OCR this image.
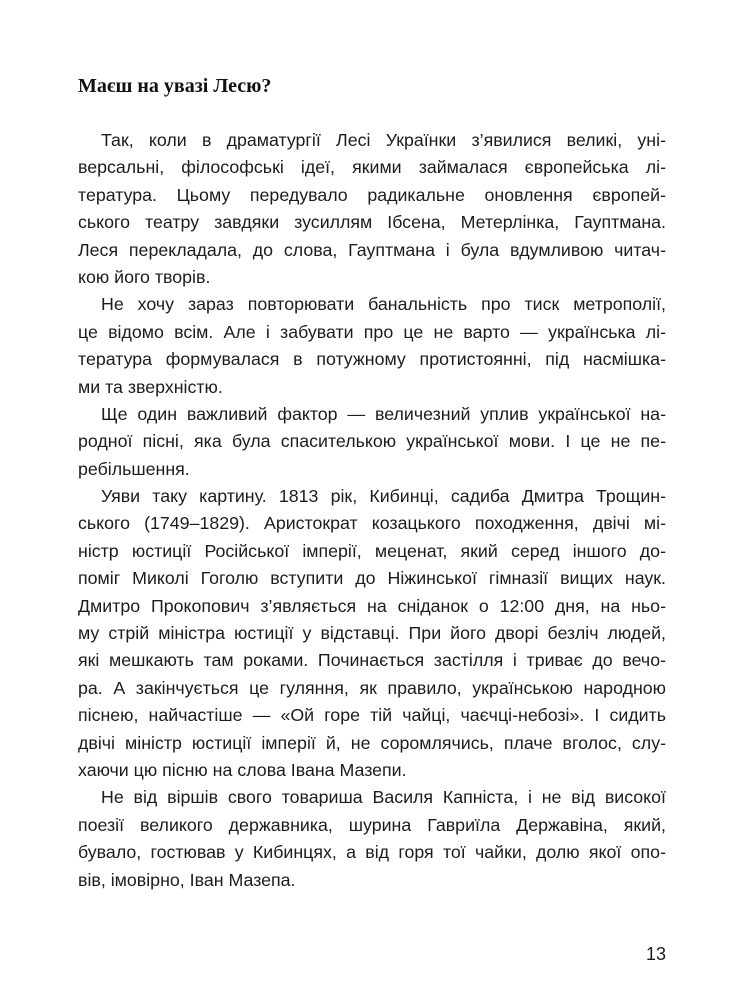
Маєш на увазі Лесю?
Так, коли в драматургії Лесі Українки з’явилися великі, уні-
версальні, філософські ідеї, якими займалася європейська лі-
тература. Цьому передувало радикальне оновлення європей-
ського театру завдяки зусиллям Ібсена, Метерлінка, Гауптмана.
Леся перекладала, до слова, Гауптмана і була вдумливою читач-
кою його творів.
Не хочу зараз повторювати банальність про тиск метрополії,
це відомо всім. Але і забувати про це не варто — українська лі-
тература формувалася в потужному протистоянні, під насмішка-
ми та зверхністю.
Ще один важливий фактор — величезний уплив української на-
родної пісні, яка була спасителькою української мови. І це не пе-
ребільшення.
Уяви таку картину. 1813 рік, Кибинці, садиба Дмитра Трощин-
ського (1749–1829). Аристократ козацького походження, двічі мі-
ністр юстиції Російської імперії, меценат, який серед іншого до-
поміг Миколі Гоголю вступити до Ніжинської гімназії вищих наук.
Дмитро Прокопович з’являється на сніданок о 12:00 дня, на ньо-
му стрій міністра юстиції у відставці. При його дворі безліч людей,
які мешкають там роками. Починається застілля і триває до вечо-
ра. А закінчується це гуляння, як правило, українською народною
піснею, найчастіше — «Ой горе тій чайці, чаєчці-небозі». І сидить
двічі міністр юстиції імперії й, не соромлячись, плаче вголос, слу-
хаючи цю пісню на слова Івана Мазепи.
Не від віршів свого товариша Василя Капніста, і не від високої
поезії великого державника, шурина Гавриїла Державіна, який,
бувало, гостював у Кибинцях, а від горя тої чайки, долю якої опо-
вів, імовірно, Іван Мазепа.
13
